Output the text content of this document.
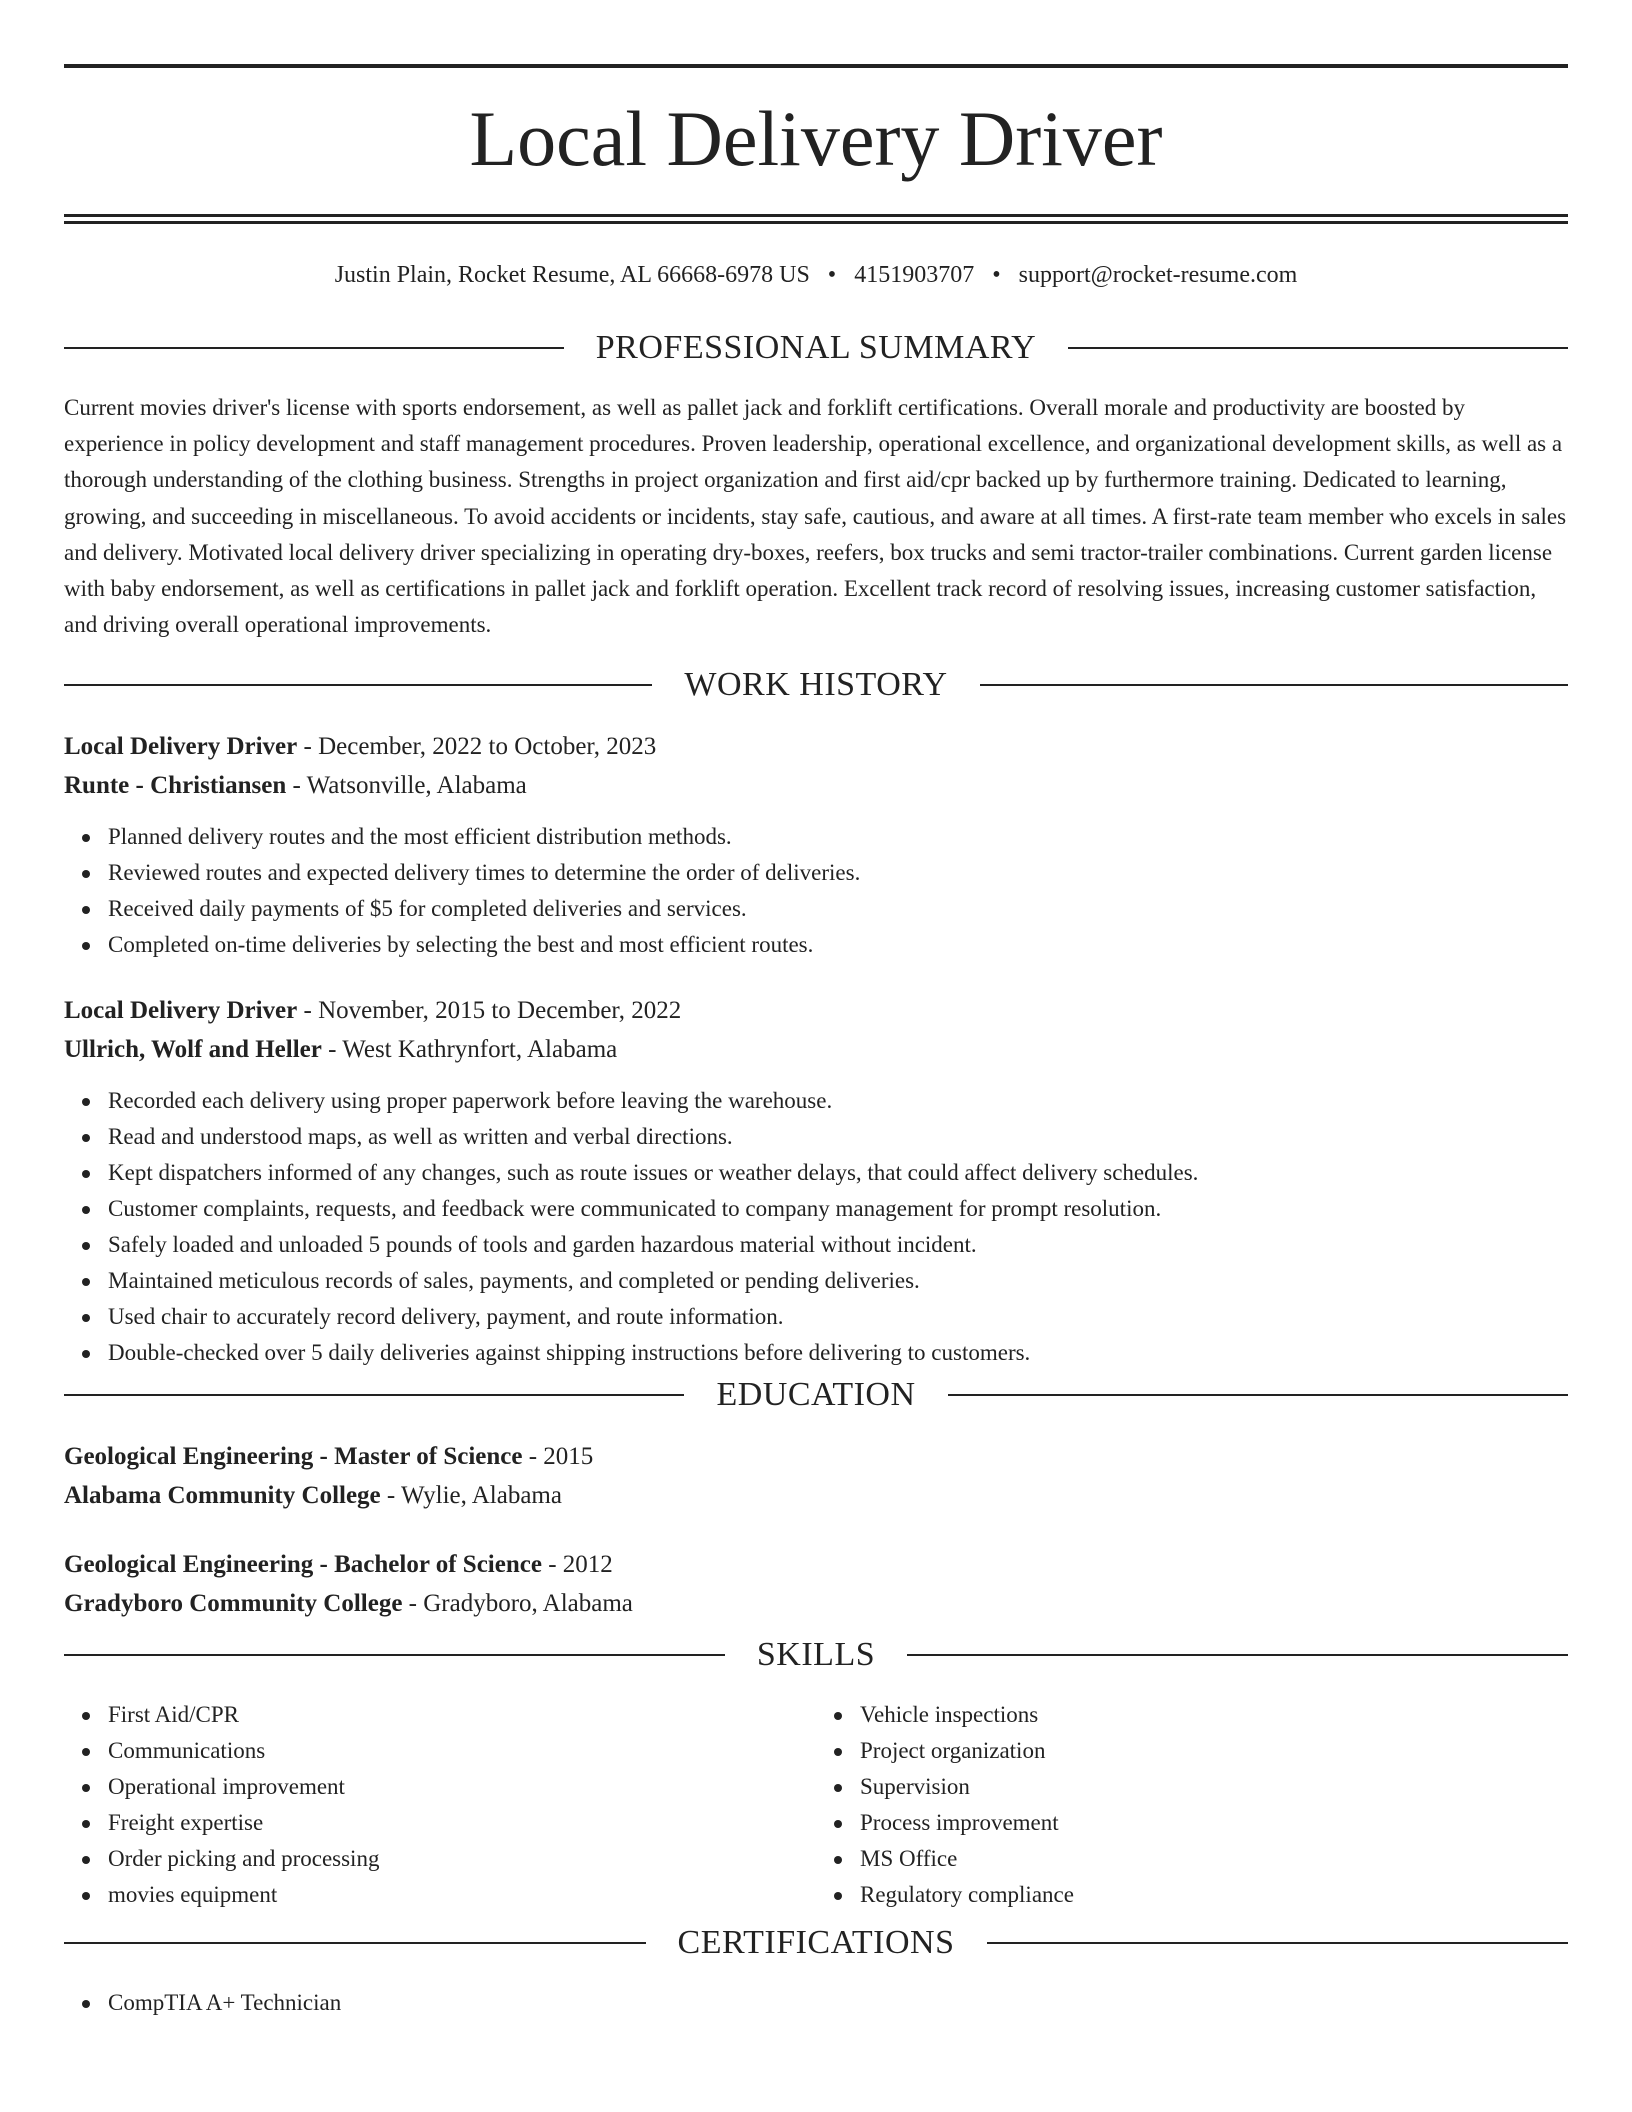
Local Delivery Driver
Justin Plain, Rocket Resume, AL 66668-6978 US • 4151903707 • support@rocket-resume.com
PROFESSIONAL SUMMARY

Current movies driver's license with sports endorsement, as well as pallet jack and forklift certifications. Overall morale and productivity are boosted by experience in policy development and staff management procedures. Proven leadership, operational excellence, and organizational development skills, as well as a thorough understanding of the clothing business. Strengths in project organization and first aid/cpr backed up by furthermore training. Dedicated to learning, growing, and succeeding in miscellaneous. To avoid accidents or incidents, stay safe, cautious, and aware at all times. A first-rate team member who excels in sales and delivery. Motivated local delivery driver specializing in operating dry-boxes, reefers, box trucks and semi tractor-trailer combinations. Current garden license with baby endorsement, as well as certifications in pallet jack and forklift operation. Excellent track record of resolving issues, increasing customer satisfaction, and driving overall operational improvements.

WORK HISTORY
Local Delivery Driver - December, 2022 to October, 2023
Runte - Christiansen - Watsonville, Alabama
Planned delivery routes and the most efficient distribution methods.
Reviewed routes and expected delivery times to determine the order of deliveries.
Received daily payments of $5 for completed deliveries and services.
Completed on-time deliveries by selecting the best and most efficient routes.
Local Delivery Driver - November, 2015 to December, 2022
Ullrich, Wolf and Heller - West Kathrynfort, Alabama
Recorded each delivery using proper paperwork before leaving the warehouse.
Read and understood maps, as well as written and verbal directions.
Kept dispatchers informed of any changes, such as route issues or weather delays, that could affect delivery schedules.
Customer complaints, requests, and feedback were communicated to company management for prompt resolution.
Safely loaded and unloaded 5 pounds of tools and garden hazardous material without incident.
Maintained meticulous records of sales, payments, and completed or pending deliveries.
Used chair to accurately record delivery, payment, and route information.
Double-checked over 5 daily deliveries against shipping instructions before delivering to customers.
EDUCATION
Geological Engineering - Master of Science - 2015
Alabama Community College - Wylie, Alabama
Geological Engineering - Bachelor of Science - 2012
Gradyboro Community College - Gradyboro, Alabama
SKILLS
First Aid/CPR
Communications
Operational improvement
Freight expertise
Order picking and processing
movies equipment
Vehicle inspections
Project organization
Supervision
Process improvement
MS Office
Regulatory compliance
CERTIFICATIONS
CompTIA A+ Technician
